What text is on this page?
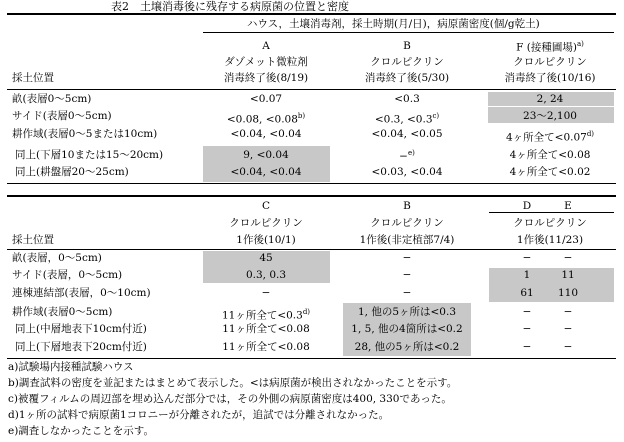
表2　土壌消毒後に残存する病原菌の位置と密度
ハウス，土壌消毒剤，採土時期(月/日)，病原菌密度(個/g乾土)
A
ダゾメット微粒剤
消毒終了後(8/19)
B
クロルピクリン
消毒終了後(5/30)
F (接種圃場)$^{a)}$
クロルピクリン
消毒終了後(10/16)
採土位置
畝(表層0〜5cm)	<0.07	<0.3	2, 24
サイド(表層0〜5cm)	<0.08, $<0.08^{b)}$	<0.3, $<0.3^{c)}$	23〜2,100
耕作域(表層0〜5または10cm)	<0.04, <0.04	<0.04, <0.05	4ヶ所全て$<0.07^{d)}$
同上(下層10または15〜20cm)	9, <0.04	−$^{e)}$	4ヶ所全て<0.08
同上(耕盤層20〜25cm)	<0.04, <0.04	<0.03, <0.04	4ヶ所全て<0.02
C
クロルピクリン
1作後(10/1)
B
クロルピクリン
1作後(非定植部7/4)
D	E
クロルピクリン
1作後(11/23)
採土位置
畝(表層，0〜5cm)	45	−	−	−
サイド(表層，0〜5cm)	0.3, 0.3	−	1	11
連棟連結部(表層，0〜10cm)	−	−	61 110
耕作域(表層0〜5cm)	11ヶ所全て$<0.3^{d)}$	1, 他の5ヶ所は<0.3	−	−
同上(中層地表下10cm付近)	11ヶ所全て<0.08	1, 5, 他の4箇所は<0.2	−	−
同上(下層地表下20cm付近)	11ヶ所全て<0.08	28, 他の5ヶ所は<0.2	−	−
a)試験場内接種試験ハウス
b)調査試料の密度を並記またはまとめて表示した。<は病原菌が検出されなかったことを示す。
c)被覆フィルムの周辺部を埋め込んだ部分では，その外側の病原菌密度は400, 330であった。
d)1ヶ所の試料で病原菌1コロニーが分離されたが，追試では分離されなかった。
e)調査しなかったことを示す。
